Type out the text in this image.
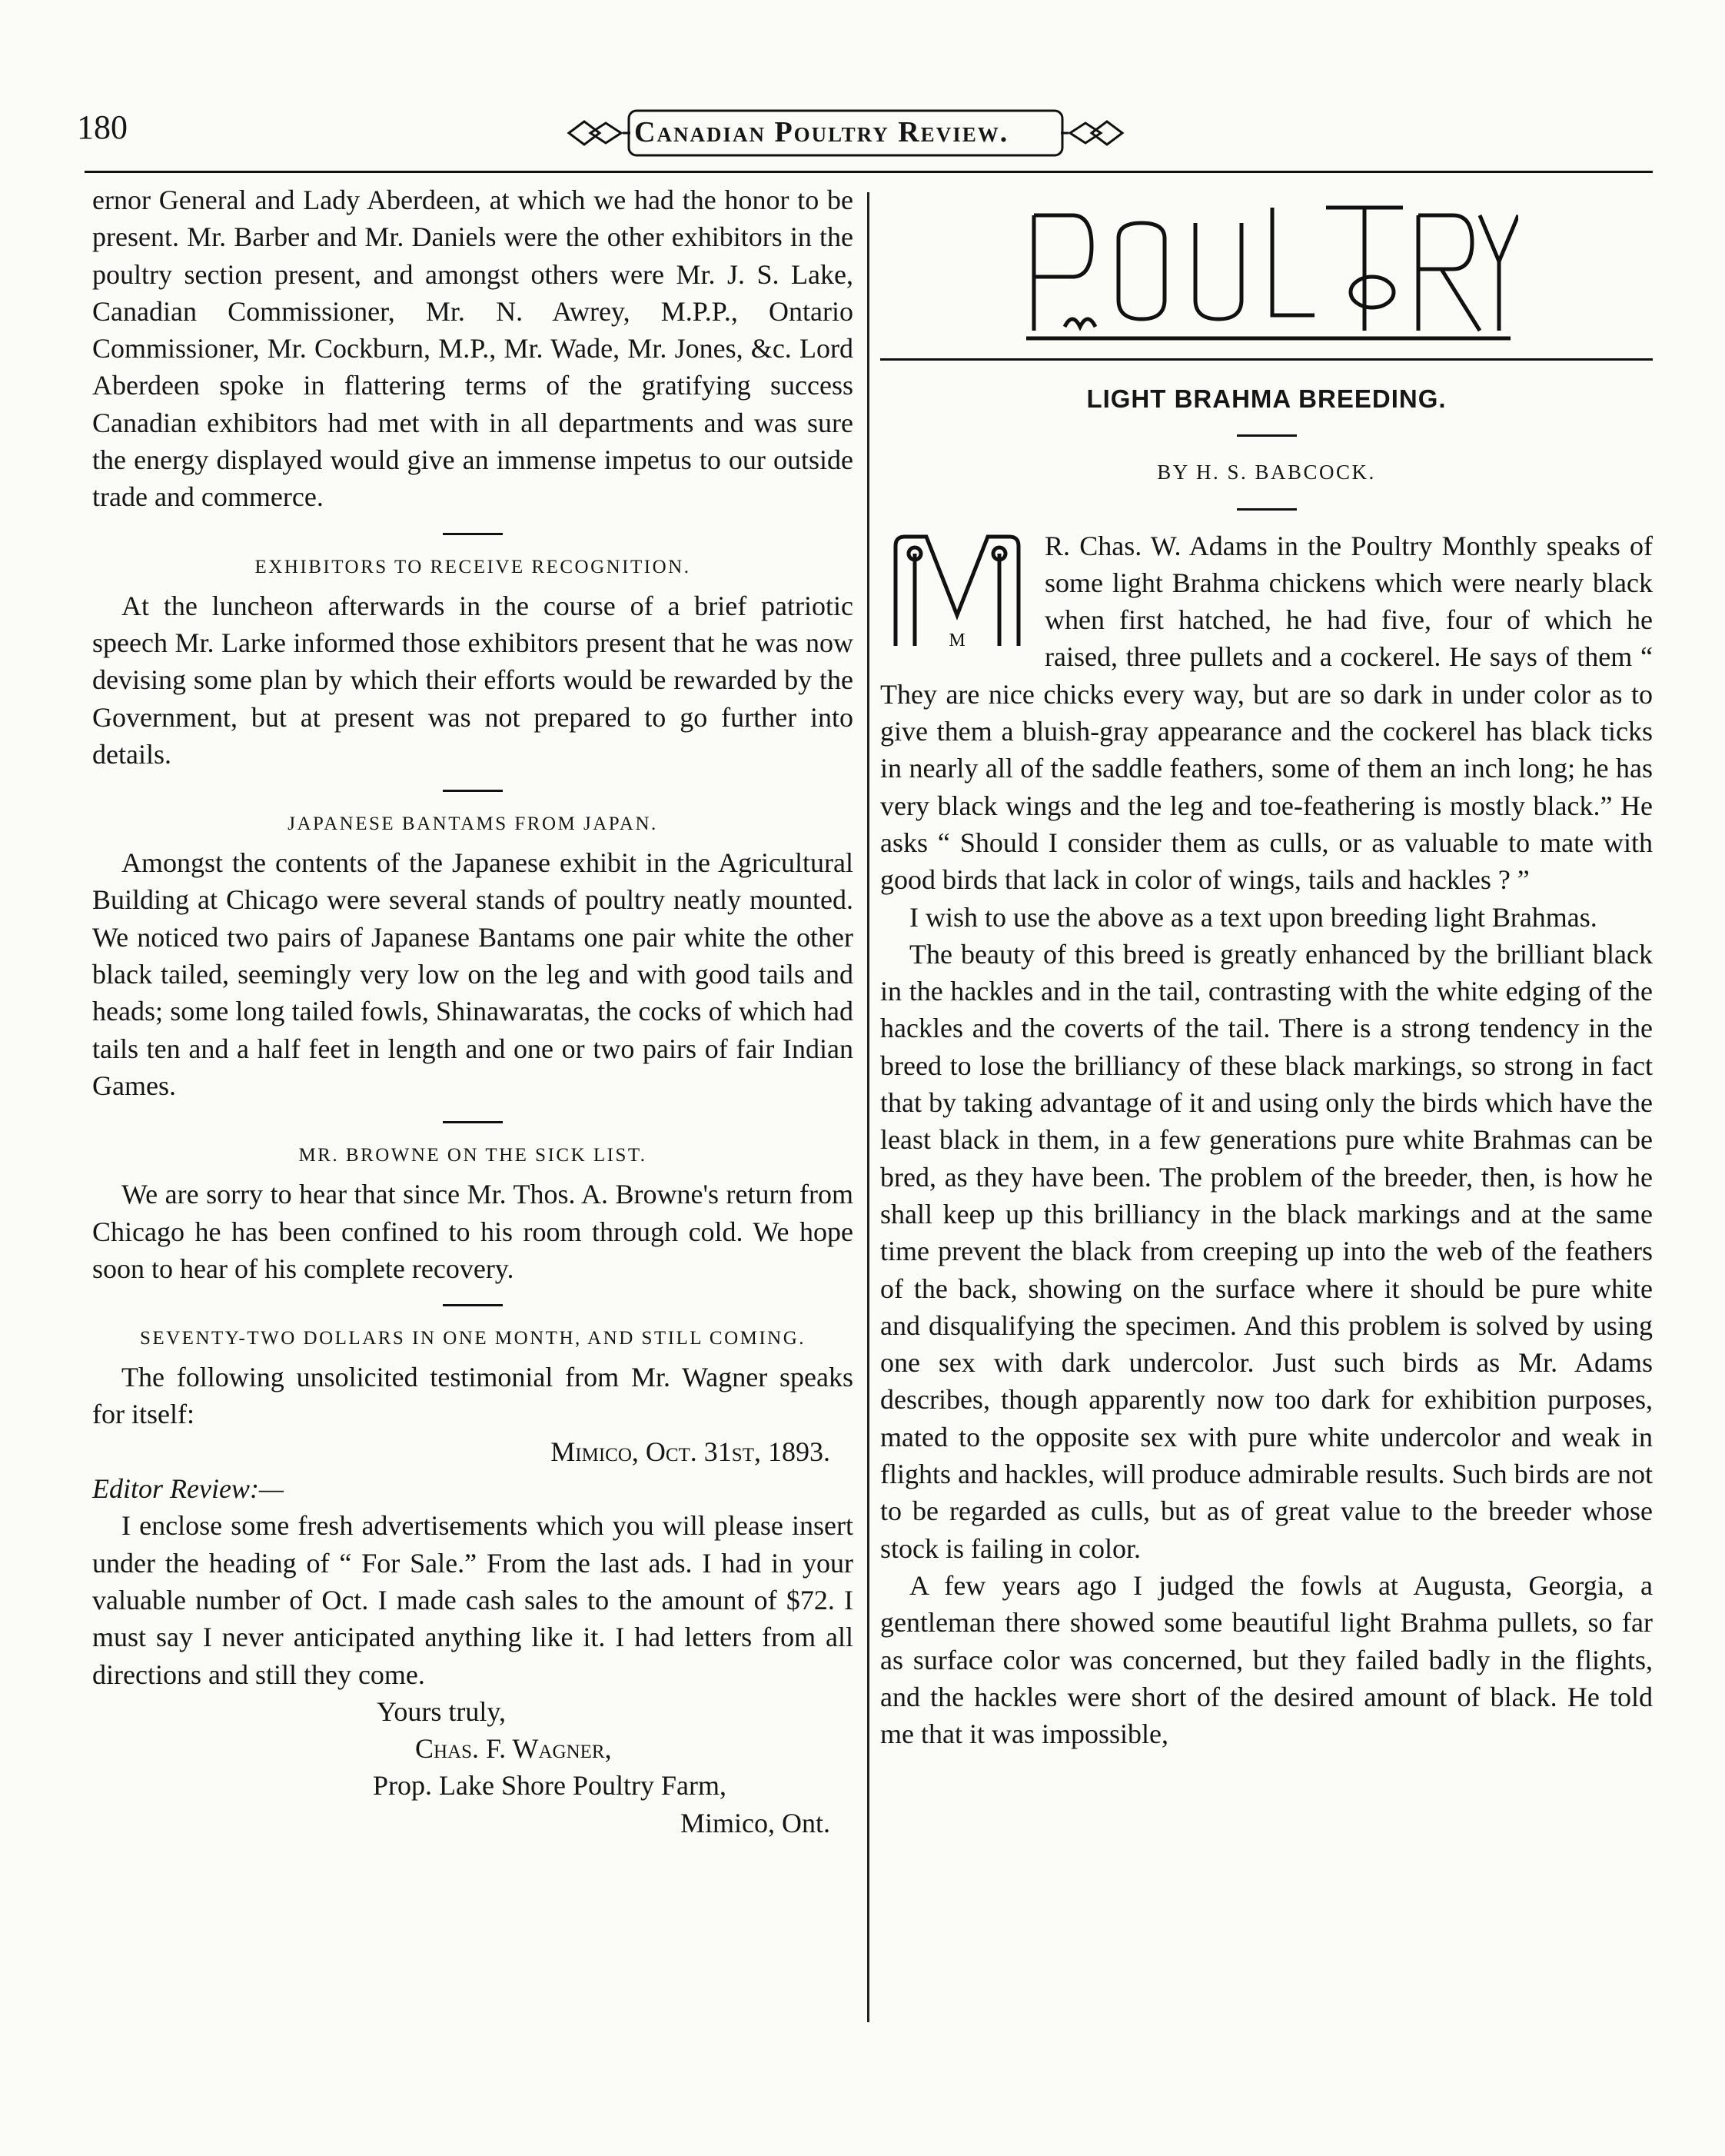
180	Canadian Poultry Review.

ernor General and Lady Aberdeen, at which we had the honor to be present. Mr. Barber and Mr. Daniels were the other exhibitors in the poultry section present, and amongst others were Mr. J. S. Lake, Canadian Commissioner, Mr. N. Awrey, M.P.P., Ontario Commissioner, Mr. Cockburn, M.P., Mr. Wade, Mr. Jones, &c. Lord Aberdeen spoke in flattering terms of the gratifying success Canadian exhibitors had met with in all departments and was sure the energy displayed would give an immense impetus to our outside trade and commerce.

EXHIBITORS TO RECEIVE RECOGNITION.

At the luncheon afterwards in the course of a brief patriotic speech Mr. Larke informed those exhibitors present that he was now devising some plan by which their efforts would be rewarded by the Government, but at present was not prepared to go further into details.

JAPANESE BANTAMS FROM JAPAN.

Amongst the contents of the Japanese exhibit in the Agricultural Building at Chicago were several stands of poultry neatly mounted. We noticed two pairs of Japanese Bantams one pair white the other black tailed, seemingly very low on the leg and with good tails and heads; some long tailed fowls, Shinawaratas, the cocks of which had tails ten and a half feet in length and one or two pairs of fair Indian Games.

MR. BROWNE ON THE SICK LIST.

We are sorry to hear that since Mr. Thos. A. Browne's return from Chicago he has been confined to his room through cold. We hope soon to hear of his complete recovery.

SEVENTY-TWO DOLLARS IN ONE MONTH, AND STILL COMING.

The following unsolicited testimonial from Mr. Wagner speaks for itself:

Mimico, Oct. 31st, 1893.

Editor Review:—

I enclose some fresh advertisements which you will please insert under the heading of “ For Sale.” From the last ads. I had in your valuable number of Oct. I made cash sales to the amount of $72. I must say I never anticipated anything like it. I had letters from all directions and still they come.

Yours truly,

Chas. F. Wagner,

Prop. Lake Shore Poultry Farm,

Mimico, Ont.

LIGHT BRAHMA BREEDING.
BY H. S. BABCOCK.
M

R. Chas. W. Adams in the Poultry Monthly speaks of some light Brahma chickens which were nearly black when first hatched, he had five, four of which he raised, three pullets and a cockerel. He says of them “ They are nice chicks every way, but are so dark in under color as to give them a bluish-gray appearance and the cockerel has black ticks in nearly all of the saddle feathers, some of them an inch long; he has very black wings and the leg and toe-feathering is mostly black.” He asks “ Should I consider them as culls, or as valuable to mate with good birds that lack in color of wings, tails and hackles ? ”

I wish to use the above as a text upon breeding light Brahmas.

The beauty of this breed is greatly enhanced by the brilliant black in the hackles and in the tail, contrasting with the white edging of the hackles and the coverts of the tail. There is a strong tendency in the breed to lose the brilliancy of these black markings, so strong in fact that by taking advantage of it and using only the birds which have the least black in them, in a few generations pure white Brahmas can be bred, as they have been. The problem of the breeder, then, is how he shall keep up this brilliancy in the black markings and at the same time prevent the black from creeping up into the web of the feathers of the back, showing on the surface where it should be pure white and disqualifying the specimen. And this problem is solved by using one sex with dark undercolor. Just such birds as Mr. Adams describes, though apparently now too dark for exhibition purposes, mated to the opposite sex with pure white undercolor and weak in flights and hackles, will produce admirable results. Such birds are not to be regarded as culls, but as of great value to the breeder whose stock is failing in color.

A few years ago I judged the fowls at Augusta, Georgia, a gentleman there showed some beautiful light Brahma pullets, so far as surface color was concerned, but they failed badly in the flights, and the hackles were short of the desired amount of black. He told me that it was impossible,
